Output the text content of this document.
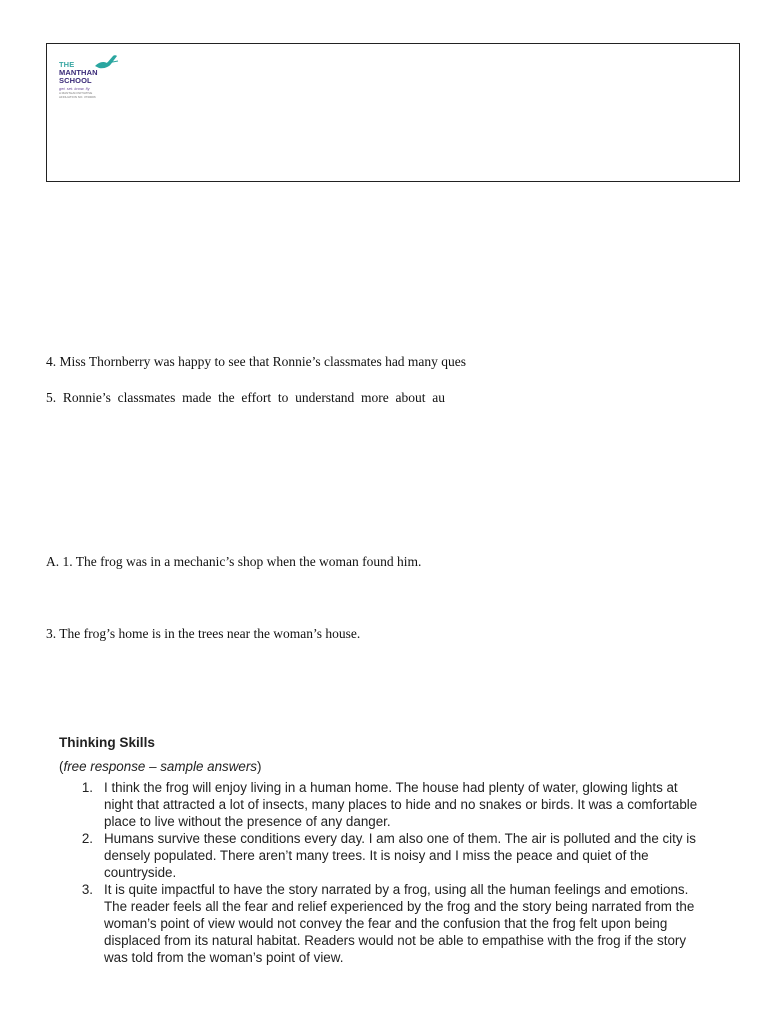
THE
MANTHAN
SCHOOL
get. set. know. fly
A MANTHAN INITIATIVE
AFFILIATION NO. 3730006
4. Miss Thornberry was happy to see that Ronnie’s classmates had many ques
5.  Ronnie’s  classmates  made  the  effort  to  understand  more  about  au
A. 1. The frog was in a mechanic’s shop when the woman found him.
3. The frog’s home is in the trees near the woman’s house.
Thinking Skills
(free response – sample answers)
1. I think the frog will enjoy living in a human home. The house had plenty of water, glowing lights at night that attracted a lot of insects, many places to hide and no snakes or birds. It was a comfortable place to live without the presence of any danger.
2. Humans survive these conditions every day. I am also one of them. The air is polluted and the city is densely populated. There aren’t many trees. It is noisy and I miss the peace and quiet of the countryside.
3. It is quite impactful to have the story narrated by a frog, using all the human feelings and emotions. The reader feels all the fear and relief experienced by the frog and the story being narrated from the woman’s point of view would not convey the fear and the confusion that the frog felt upon being displaced from its natural habitat. Readers would not be able to empathise with the frog if the story was told from the woman’s point of view.
